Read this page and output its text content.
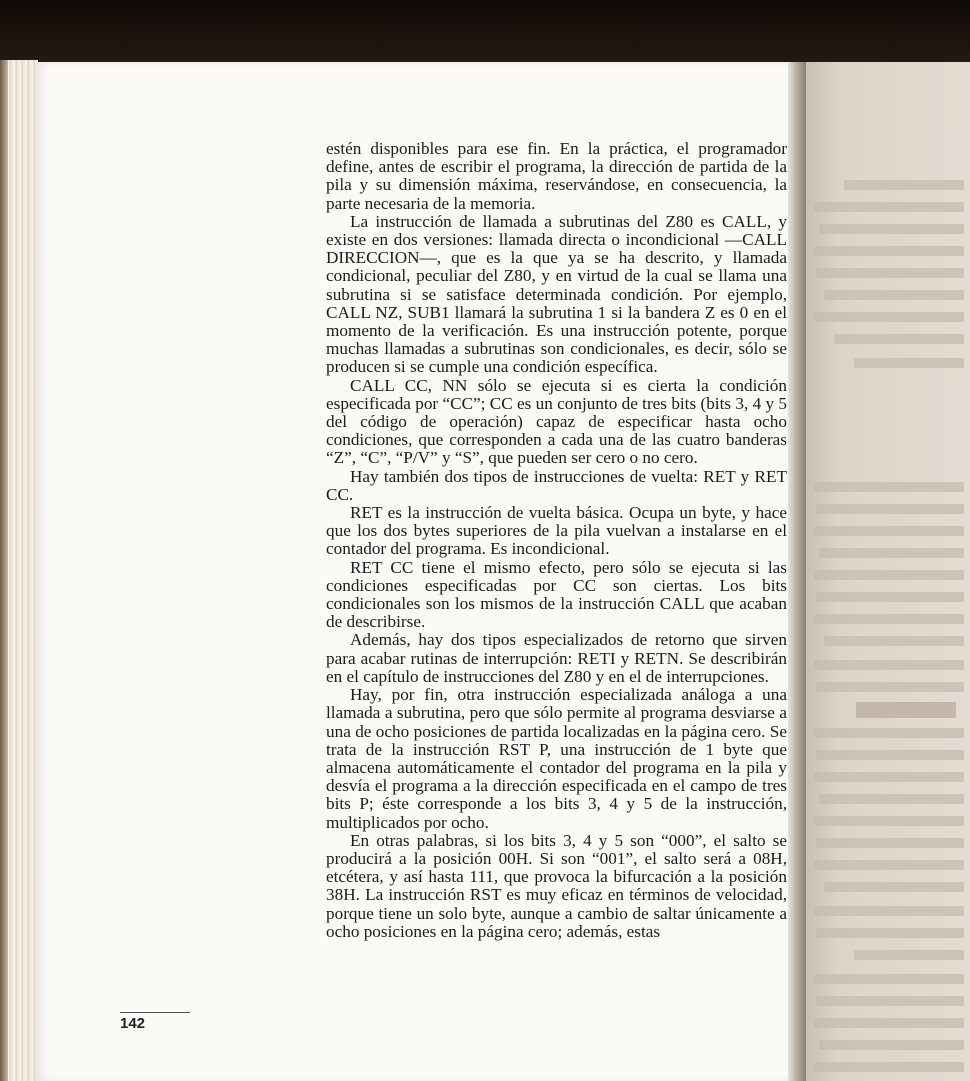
estén disponibles para ese fin. En la práctica, el programador define, antes de escribir el programa, la dirección de partida de la pila y su dimensión máxima, reservándose, en consecuencia, la parte necesaria de la memoria.

La instrucción de llamada a subrutinas del Z80 es CALL, y existe en dos versiones: llamada directa o incondicional —CALL DIRECCION—, que es la que ya se ha descrito, y llamada condicional, peculiar del Z80, y en virtud de la cual se llama una subrutina si se satisface determinada condición. Por ejemplo, CALL NZ, SUB1 llamará la subrutina 1 si la bandera Z es 0 en el momento de la verificación. Es una instrucción potente, porque muchas llamadas a subrutinas son condicionales, es decir, sólo se producen si se cumple una condición específica.

CALL CC, NN sólo se ejecuta si es cierta la condición especificada por “CC”; CC es un conjunto de tres bits (bits 3, 4 y 5 del código de operación) capaz de especificar hasta ocho condiciones, que corresponden a cada una de las cuatro banderas “Z”, “C”, “P/V” y “S”, que pueden ser cero o no cero.

Hay también dos tipos de instrucciones de vuelta: RET y RET CC.

RET es la instrucción de vuelta básica. Ocupa un byte, y hace que los dos bytes superiores de la pila vuelvan a instalarse en el contador del programa. Es incondicional.

RET CC tiene el mismo efecto, pero sólo se ejecuta si las condiciones especificadas por CC son ciertas. Los bits condicionales son los mismos de la instrucción CALL que acaban de describirse.

Además, hay dos tipos especializados de retorno que sirven para acabar rutinas de interrupción: RETI y RETN. Se describirán en el capítulo de instrucciones del Z80 y en el de interrupciones.

Hay, por fin, otra instrucción especializada análoga a una llamada a subrutina, pero que sólo permite al programa desviarse a una de ocho posiciones de partida localizadas en la página cero. Se trata de la instrucción RST P, una instrucción de 1 byte que almacena automáticamente el contador del programa en la pila y desvía el programa a la dirección especificada en el campo de tres bits P; éste corresponde a los bits 3, 4 y 5 de la instrucción, multiplicados por ocho.

En otras palabras, si los bits 3, 4 y 5 son “000”, el salto se producirá a la posición 00H. Si son “001”, el salto será a 08H, etcétera, y así hasta 111, que provoca la bifurcación a la posición 38H. La instrucción RST es muy eficaz en términos de velocidad, porque tiene un solo byte, aunque a cambio de saltar únicamente a ocho posiciones en la página cero; además, estas

142
